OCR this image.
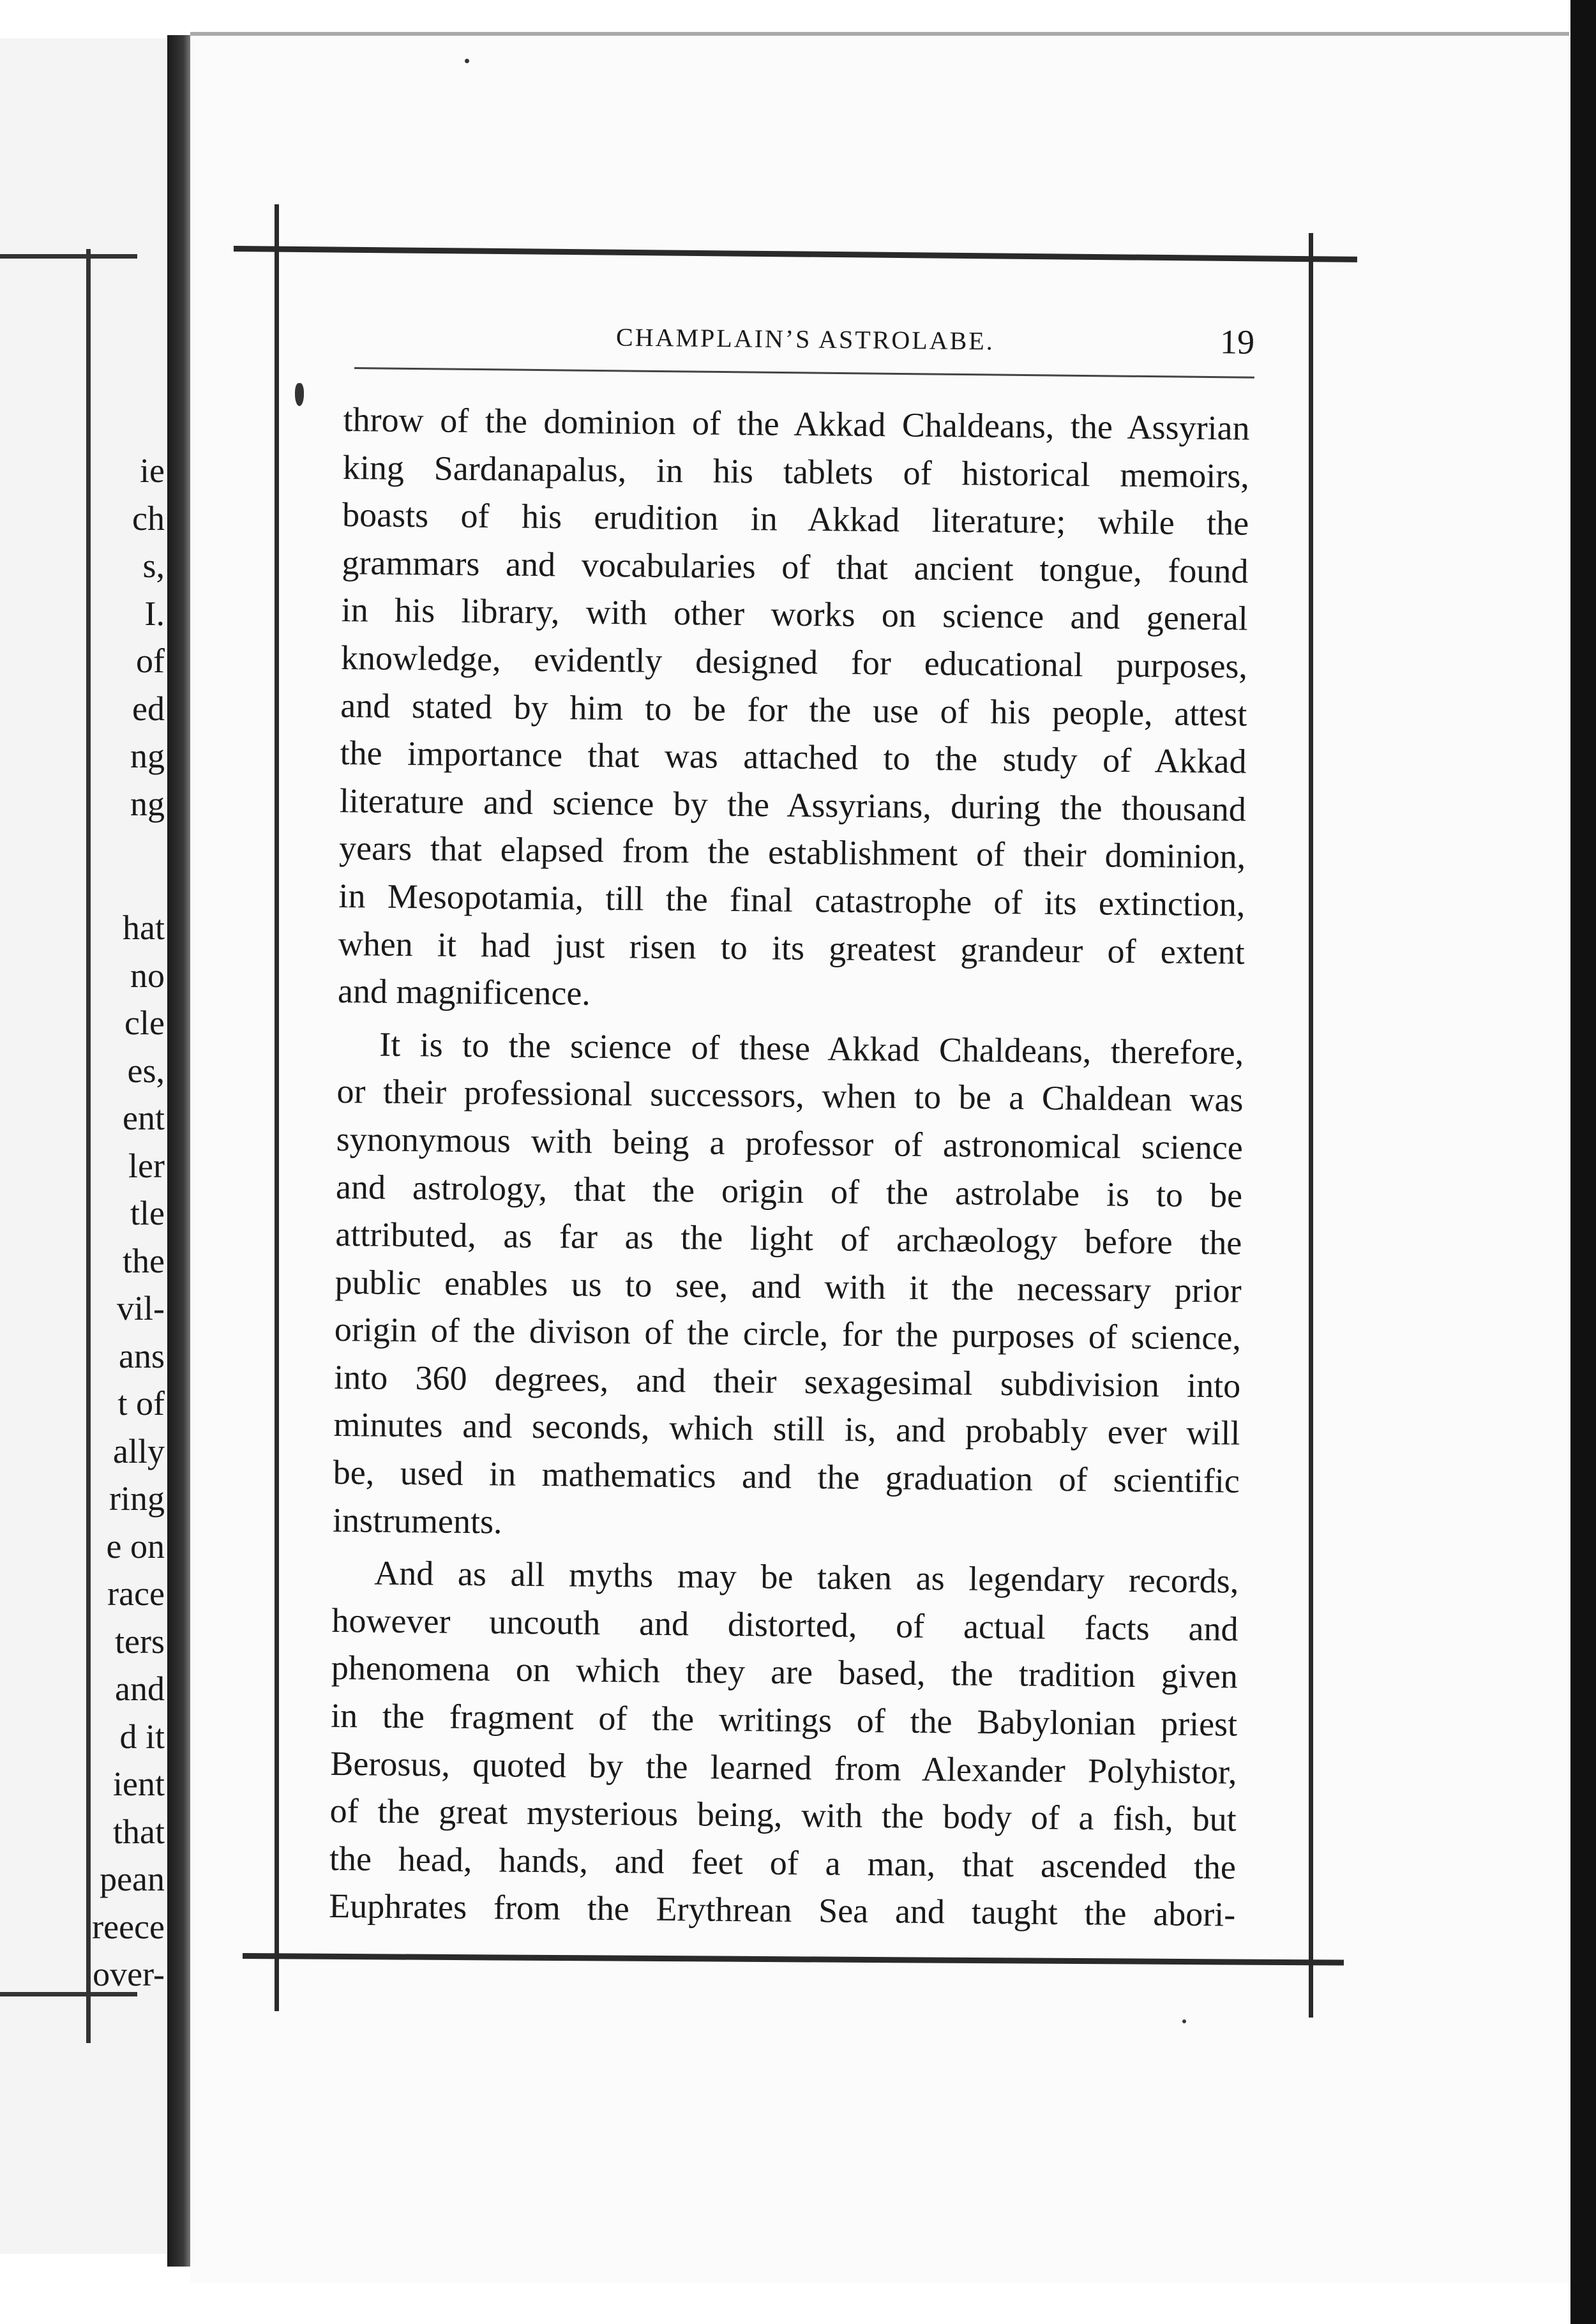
ie
ch
s,
I.
of
ed
ng
ng
hat
no
cle
es,
ent
ler
tle
the
vil-
ans
t of
ally
ring
e on
race
ters
and
d it
ient
that
pean
reece
over-
CHAMPLAIN’S ASTROLABE.	19
throw of the dominion of the Akkad Chaldeans, the Assyrian
king Sardanapalus, in his tablets of historical memoirs,
boasts of his erudition in Akkad literature; while the
grammars and vocabularies of that ancient tongue, found
in his library, with other works on science and general
knowledge, evidently designed for educational purposes,
and stated by him to be for the use of his people, attest
the importance that was attached to the study of Akkad
literature and science by the Assyrians, during the thousand
years that elapsed from the establishment of their dominion,
in Mesopotamia, till the final catastrophe of its extinction,
when it had just risen to its greatest grandeur of extent
and magnificence.
It is to the science of these Akkad Chaldeans, therefore,
or their professional successors, when to be a Chaldean was
synonymous with being a professor of astronomical science
and astrology, that the origin of the astrolabe is to be
attributed, as far as the light of archæology before the
public enables us to see, and with it the necessary prior
origin of the divison of the circle, for the purposes of science,
into 360 degrees, and their sexagesimal subdivision into
minutes and seconds, which still is, and probably ever will
be, used in mathematics and the graduation of scientific
instruments.
And as all myths may be taken as legendary records,
however uncouth and distorted, of actual facts and
phenomena on which they are based, the tradition given
in the fragment of the writings of the Babylonian priest
Berosus, quoted by the learned from Alexander Polyhistor,
of the great mysterious being, with the body of a fish, but
the head, hands, and feet of a man, that ascended the
Euphrates from the Erythrean Sea and taught the abori-
